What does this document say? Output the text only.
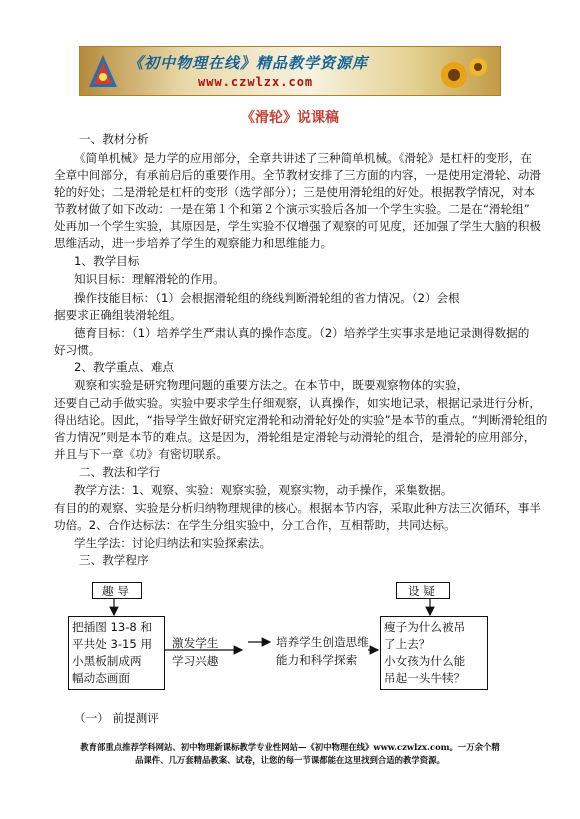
《初中物理在线》精品教学资源库
www.czwlzx.com
《滑轮》说课稿
一、教材分析
《简单机械》是力学的应用部分，全章共讲述了三种简单机械。《滑轮》是杠杆的变形，在
全章中间部分，有承前启后的重要作用。全节教材安排了三方面的内容，一是使用定滑轮、动滑
轮的好处；二是滑轮是杠杆的变形（选学部分）；三是使用滑轮组的好处。根据教学情况，对本
节教材做了如下改动：一是在第１个和第２个演示实验后各加一个学生实验。二是在“滑轮组”
处再加一个学生实验，其原因是，学生实验不仅增强了观察的可见度，还加强了学生大脑的积极
思维活动，进一步培养了学生的观察能力和思维能力。
1、教学目标
知识目标：理解滑轮的作用。
操作技能目标：（1）会根据滑轮组的绕线判断滑轮组的省力情况。（2）会根
据要求正确组装滑轮组。
德育目标：（1）培养学生严肃认真的操作态度。（2）培养学生实事求是地记录测得数据的
好习惯。
2、教学重点、难点
观察和实验是研究物理问题的重要方法之。在本节中，既要观察物体的实验，
还要自己动手做实验。实验中要求学生仔细观察，认真操作，如实地记录，根据记录进行分析，
得出结论。因此，“指导学生做好研究定滑轮和动滑轮好处的实验”是本节的重点。“判断滑轮组的
省力情况”则是本节的难点。这是因为，滑轮组是定滑轮与动滑轮的组合，是滑轮的应用部分，
并且与下一章《功》有密切联系。
二、教法和学行
教学方法：1、观察、实验：观察实验，观察实物，动手操作，采集数据。
有目的的观察、实验是分析归纳物理规律的核心。根据本节内容，采取此种方法三次循环，事半
功倍。2、合作达标法：在学生分组实验中，分工合作，互相帮助，共同达标。
学生学法：讨论归纳法和实验探索法。
三、教学程序
趣 导	设 疑
把插图 13-8 和
平共处 3-15 用
小黑板制成两
幅动态画面
激发学生
学习兴趣
培养学生创造思维
能力和科学探索
瘦子为什么被吊
了上去？
小女孩为什么能
吊起一头牛犊？
（一） 前提测评
教育部重点推荐学科网站、初中物理新课标教学专业性网站—《初中物理在线》www.czwlzx.com。一万余个精
品课件、几万套精品教案、试卷，让您的每一节课都能在这里找到合适的教学资源。
